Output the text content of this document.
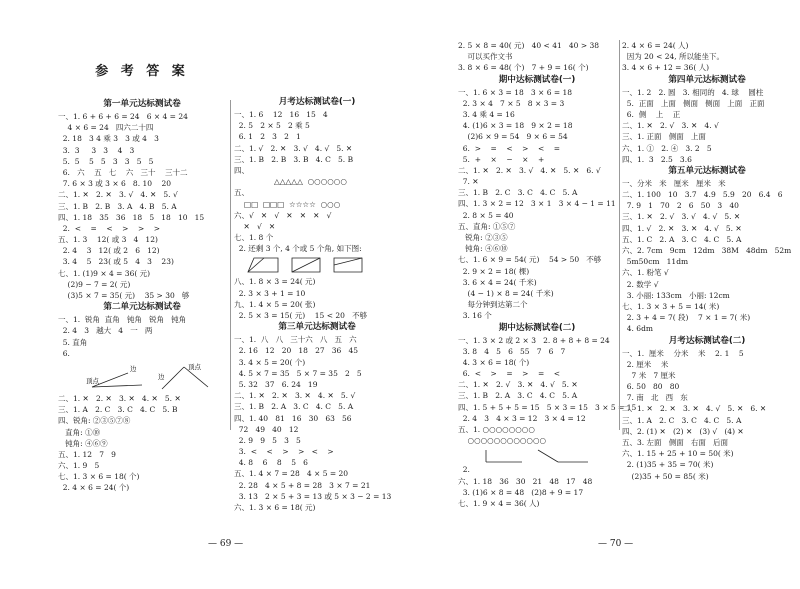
参 考 答 案
第一单元达标测试卷
一、1. 6 + 6 + 6 = 24   6 × 4 = 24
4 × 6 = 24   四六二十四
2. 18   3 4 乘 3   3 或 4   3
3.  3     3   3    4   3
5.  5    5   5   3   3   5   5
6.   六    五   七    六   三十    三十二
7. 6 × 3 或 3 × 6   8. 10    20
二、1. ✕   2. ✕   3. √   4. ✕   5. √
三、1. B   2. B   3. A   4. B   5. A
四、1. 18   35   36   18   5   18   10   15
2.  <    =    <    >    >    >
五、1. 3    12( 或 3   4   12)
2. 4    3   12( 或 2   6   12)
3. 4    5   23( 或 5   4   3    23)
七、1. (1)9 × 4 = 36( 元)
(2)9 − 7 = 2( 元)
(3)5 × 7 = 35( 元)    35 > 30   够
第二单元达标测试卷
一、1.  锐角  直角   钝角   锐角   钝角
2. 4   3   越大   4   一   两
5. 直角
6.
顶点
边	顶点
边
二、1. ✕   2. ✕   3. ✕   4. ✕   5. ✕
三、1. A   2. C   3. C   4. C   5. B
四、锐角: ②③⑤⑦⑧
直角: ①⑩
钝角: ④⑥⑨
五、1. 12   7   9
六、1. 9   5
七、1. 3 × 6 = 18( 个)
2. 4 × 6 = 24( 个)
月考达标测试卷(一)
一、1. 6    12   16   15   4
2. 5   2 × 5   2 乘 5
6. 1   2   3   2   1
二、1. √   2. ✕   3. √   4. √   5. ✕
三、1. B   2. B   3. B   4. C   5. B
四、
△△△△△  ○○○○○○
五、
□□  □□□  ☆☆☆☆  ○○○
六、√   ✕   √   ✕   ✕   ✕   √
✕   √   ✕
七、1. 8 个
2. 还剩 3 个, 4 个或 5 个角, 如下图:
八、1. 8 × 3 = 24( 元)
2. 3 × 3 + 1 = 10
九、1. 4 × 5 = 20( 张)
2. 5 × 3 = 15( 元)    15 < 20   不够
第三单元达标测试卷
一、1.  八   八   三十六   八   五   六
2. 16   12   20   18   27   36   45
3. 4 × 5 = 20( 个)
4. 5 × 7 = 35   5 × 7 = 35   2   5
5. 32   37   6. 24   19
二、1. ✕   2. ✕   3. ✕   4. ✕   5. √
三、1. B   2. A   3. C   4. C   5. A
四、1. 40   81   16   30   63   56
72   49   40   12
2. 9   9   5   3   5
3.  <    <    >    >   <    >
4. 8    6    8    5   6
五、1. 4 × 7 = 28   4 × 5 = 20
2. 28   4 × 5 + 8 = 28   3 × 7 = 21
3. 13   2 × 5 + 3 = 13 或 5 × 3 − 2 = 13
六、1. 3 × 6 = 18( 元)
— 69 —
2. 5 × 8 = 40( 元)   40 < 41   40 > 38
可以买作文书
3. 8 × 6 = 48( 个)   7 + 9 = 16( 个)
期中达标测试卷(一)
一、1. 6 × 3 = 18   3 × 6 = 18
2. 3 × 4   7 × 5   8 × 3 = 3
3. 4 乘 4 = 16
4. (1)6 × 3 = 18   9 × 2 = 18
(2)6 × 9 = 54   9 × 6 = 54
6.  >    =    <    >    <    =
5.  +    ×    −    ×    +
二、1. ✕   2. ✕   3. √   4. ✕   5. ✕   6. √
7. ✕
三、1. B   2. C   3. C   4. C   5. A
四、1. 3 × 2 = 12   3 × 1   3 × 4 − 1 = 11
2. 8 × 5 = 40
五、直角: ①⑤⑦
锐角: ②③⑤
钝角: ④⑥⑩
七、1. 6 × 9 = 54( 元)    54 > 50   不够
2. 9 × 2 = 18( 棵)
3. 6 × 4 = 24( 千米)
(4 − 1) × 8 = 24( 千米)
每分钟到达第二个
3. 16 个
期中达标测试卷(二)
一、1. 3 × 2 或 2 × 3   2. 8 + 8 + 8 = 24
3. 8   4   5   6   55   7   6   7
4. 3 × 6 = 18( 个)
6.  <    >    =    >    =    <
二、1. ✕   2. √   3. ✕   4. √   5. ✕
三、1. B   2. A   3. C   4. C   5. A
四、1. 5 + 5 + 5 = 15   5 × 3 = 15   3 × 5 = 15
2. 4   3   4 × 3 = 12   3 × 4 = 12
五、1. ○○○○○○○○
○○○○○○○○○○○○
2.
六、1. 18   36   30   21   48   17   48
3. (1)6 × 8 = 48   (2)8 + 9 = 17
七、1. 9 × 4 = 36( 人)
2. 4 × 6 = 24( 人)
因为 20 < 24, 所以能坐下。
3. 4 × 6 + 12 = 36( 人)
第四单元达标测试卷
一、1. 2   2. 圆   3. 相同的   4. 球    圆柱
5.  正面   上面   侧面   侧面   上面   正面
6.  侧    上    正
二、1. ✕   2. √   3. ✕   4. √
三、1. 正面   侧面   上面
六、1. ①   2. ④   3. 2   5
四、1.  3   2.5   3.6
第五单元达标测试卷
一、分米   米   厘米   厘米   米
二、1. 100   10   3.7   4.9   5.9   20   6.4   6
7. 9   1   70   2   6   50   3   40
三、1. ✕   2. √   3. √   4. √   5. ✕
四、1. √   2. ✕   3. ✕   4. √   5. ✕
五、1. C   2. A   3. C   4. C   5. A
六、2. 7cm   9cm   12dm   38M   48dm   52m
5m50cm   11dm
六、1. 粉笔 √
2. 数学 √
3. 小丽: 133cm   小丽: 12cm
七、1. 3 × 3 + 5 = 14( 米)
2. 3 + 4 = 7( 段)    7 × 1 = 7( 米)
4. 6dm
月考达标测试卷(二)
一、1.  厘米    分米    米    2. 1    5
2. 厘米    米
7 米   7 厘米
6. 50   80   80
7. 南   北   西   东
二、1. ✕   2. ✕   3. ✕   4. √   5. ✕   6. ✕
三、1. A   2. C   3. C   4. C   5. A
四、2. (1) ✕   (2) ✕   (3) √   (4) ✕
五、3. 左面   侧面   右面   后面
六、1. 15 + 25 + 10 = 50( 米)
2. (1)35 + 35 = 70( 米)
(2)35 + 50 = 85( 米)
— 70 —
